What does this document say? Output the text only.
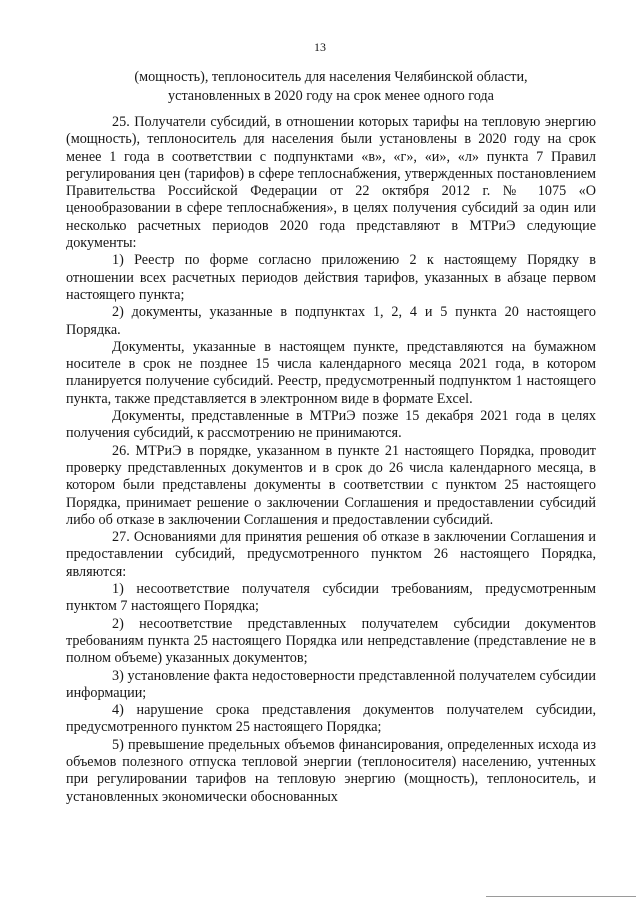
13
(мощность), теплоноситель для населения Челябинской области,
установленных в 2020 году на срок менее одного года

25. Получатели субсидий, в отношении которых тарифы на тепловую энергию (мощность), теплоноситель для населения были установлены в 2020 году на срок менее 1 года в соответствии с подпунктами «в», «г», «и», «л» пункта 7 Правил регулирования цен (тарифов) в сфере теплоснабжения, утвержденных постановлением Правительства Российской Федерации от 22 октября 2012 г. № 1075 «О ценообразовании в сфере теплоснабжения», в целях получения субсидий за один или несколько расчетных периодов 2020 года представляют в МТРиЭ следующие документы:

1) Реестр по форме согласно приложению 2 к настоящему Порядку в отношении всех расчетных периодов действия тарифов, указанных в абзаце первом настоящего пункта;

2) документы, указанные в подпунктах 1, 2, 4 и 5 пункта 20 настоящего Порядка.

Документы, указанные в настоящем пункте, представляются на бумажном носителе в срок не позднее 15 числа календарного месяца 2021 года, в котором планируется получение субсидий. Реестр, предусмотренный подпунктом 1 настоящего пункта, также представляется в электронном виде в формате Excel.

Документы, представленные в МТРиЭ позже 15 декабря 2021 года в целях получения субсидий, к рассмотрению не принимаются.

26. МТРиЭ в порядке, указанном в пункте 21 настоящего Порядка, проводит проверку представленных документов и в срок до 26 числа календарного месяца, в котором были представлены документы в соответствии с пунктом 25 настоящего Порядка, принимает решение о заключении Соглашения и предоставлении субсидий либо об отказе в заключении Соглашения и предоставлении субсидий.

27. Основаниями для принятия решения об отказе в заключении Соглашения и предоставлении субсидий, предусмотренного пунктом 26 настоящего Порядка, являются:

1) несоответствие получателя субсидии требованиям, предусмотренным пунктом 7 настоящего Порядка;

2) несоответствие представленных получателем субсидии документов требованиям пункта 25 настоящего Порядка или непредставление (представление не в полном объеме) указанных документов;

3) установление факта недостоверности представленной получателем субсидии информации;

4) нарушение срока представления документов получателем субсидии, предусмотренного пунктом 25 настоящего Порядка;

5) превышение предельных объемов финансирования, определенных исхода из объемов полезного отпуска тепловой энергии (теплоносителя) населению, учтенных при регулировании тарифов на тепловую энергию (мощность), теплоноситель, и установленных экономически обоснованных
